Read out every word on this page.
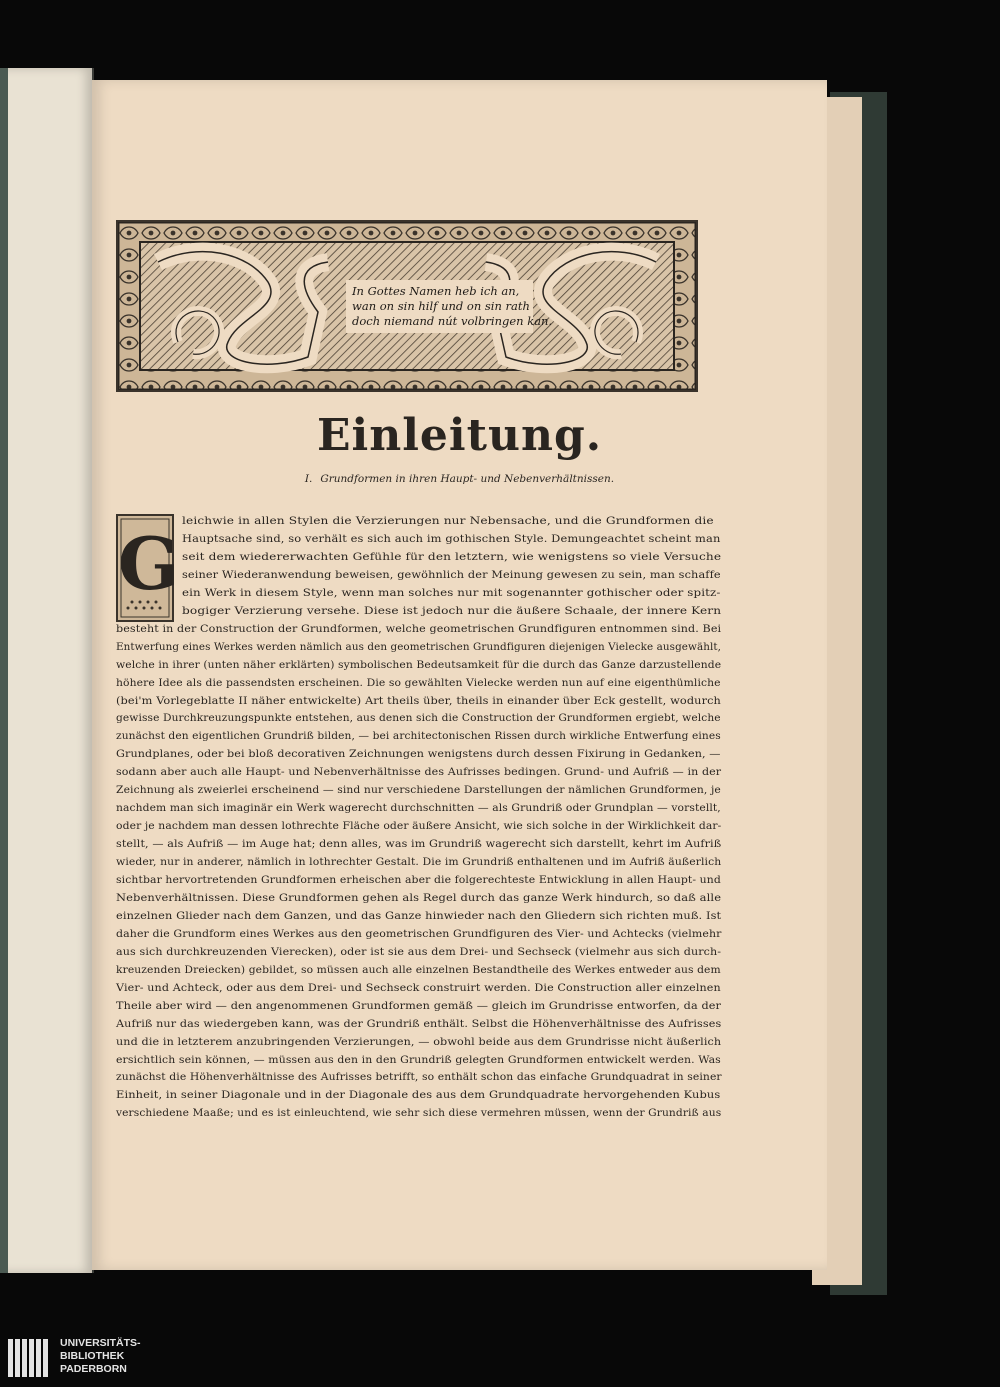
In Gottes Namen heb ich an,
wan on sin hilf und on sin rath
doch niemand nút volbringen kan.
Einleitung.
I. Grundformen in ihren Haupt- und Nebenverhältnissen.
G leichwie in allen Stylen die Verzierungen nur Nebensache, und die Grundformen die
Hauptsache sind, so verhält es sich auch im gothischen Style. Demungeachtet scheint man
seit dem wiedererwachten Gefühle für den letztern, wie wenigstens so viele Versuche
seiner Wiederanwendung beweisen, gewöhnlich der Meinung gewesen zu sein, man schaffe
ein Werk in diesem Style, wenn man solches nur mit sogenannter gothischer oder spitz-
bogiger Verzierung versehe. Diese ist jedoch nur die äußere Schaale, der innere Kern
besteht in der Construction der Grundformen, welche geometrischen Grundfiguren entnommen sind. Bei
Entwerfung eines Werkes werden nämlich aus den geometrischen Grundfiguren diejenigen Vielecke ausgewählt,
welche in ihrer (unten näher erklärten) symbolischen Bedeutsamkeit für die durch das Ganze darzustellende
höhere Idee als die passendsten erscheinen. Die so gewählten Vielecke werden nun auf eine eigenthümliche
(bei'm Vorlegeblatte II näher entwickelte) Art theils über, theils in einander über Eck gestellt, wodurch
gewisse Durchkreuzungspunkte entstehen, aus denen sich die Construction der Grundformen ergiebt, welche
zunächst den eigentlichen Grundriß bilden, — bei architectonischen Rissen durch wirkliche Entwerfung eines
Grundplanes, oder bei bloß decorativen Zeichnungen wenigstens durch dessen Fixirung in Gedanken, —
sodann aber auch alle Haupt- und Nebenverhältnisse des Aufrisses bedingen. Grund- und Aufriß — in der
Zeichnung als zweierlei erscheinend — sind nur verschiedene Darstellungen der nämlichen Grundformen, je
nachdem man sich imaginär ein Werk wagerecht durchschnitten — als Grundriß oder Grundplan — vorstellt,
oder je nachdem man dessen lothrechte Fläche oder äußere Ansicht, wie sich solche in der Wirklichkeit dar-
stellt, — als Aufriß — im Auge hat; denn alles, was im Grundriß wagerecht sich darstellt, kehrt im Aufriß
wieder, nur in anderer, nämlich in lothrechter Gestalt. Die im Grundriß enthaltenen und im Aufriß äußerlich
sichtbar hervortretenden Grundformen erheischen aber die folgerechteste Entwicklung in allen Haupt- und
Nebenverhältnissen. Diese Grundformen gehen als Regel durch das ganze Werk hindurch, so daß alle
einzelnen Glieder nach dem Ganzen, und das Ganze hinwieder nach den Gliedern sich richten muß. Ist
daher die Grundform eines Werkes aus den geometrischen Grundfiguren des Vier- und Achtecks (vielmehr
aus sich durchkreuzenden Vierecken), oder ist sie aus dem Drei- und Sechseck (vielmehr aus sich durch-
kreuzenden Dreiecken) gebildet, so müssen auch alle einzelnen Bestandtheile des Werkes entweder aus dem
Vier- und Achteck, oder aus dem Drei- und Sechseck construirt werden. Die Construction aller einzelnen
Theile aber wird — den angenommenen Grundformen gemäß — gleich im Grundrisse entworfen, da der
Aufriß nur das wiedergeben kann, was der Grundriß enthält. Selbst die Höhenverhältnisse des Aufrisses
und die in letzterem anzubringenden Verzierungen, — obwohl beide aus dem Grundrisse nicht äußerlich
ersichtlich sein können, — müssen aus den in den Grundriß gelegten Grundformen entwickelt werden. Was
zunächst die Höhenverhältnisse des Aufrisses betrifft, so enthält schon das einfache Grundquadrat in seiner
Einheit, in seiner Diagonale und in der Diagonale des aus dem Grundquadrate hervorgehenden Kubus
verschiedene Maaße; und es ist einleuchtend, wie sehr sich diese vermehren müssen, wenn der Grundriß aus
UNIVERSITÄTS-
BIBLIOTHEK
PADERBORN
